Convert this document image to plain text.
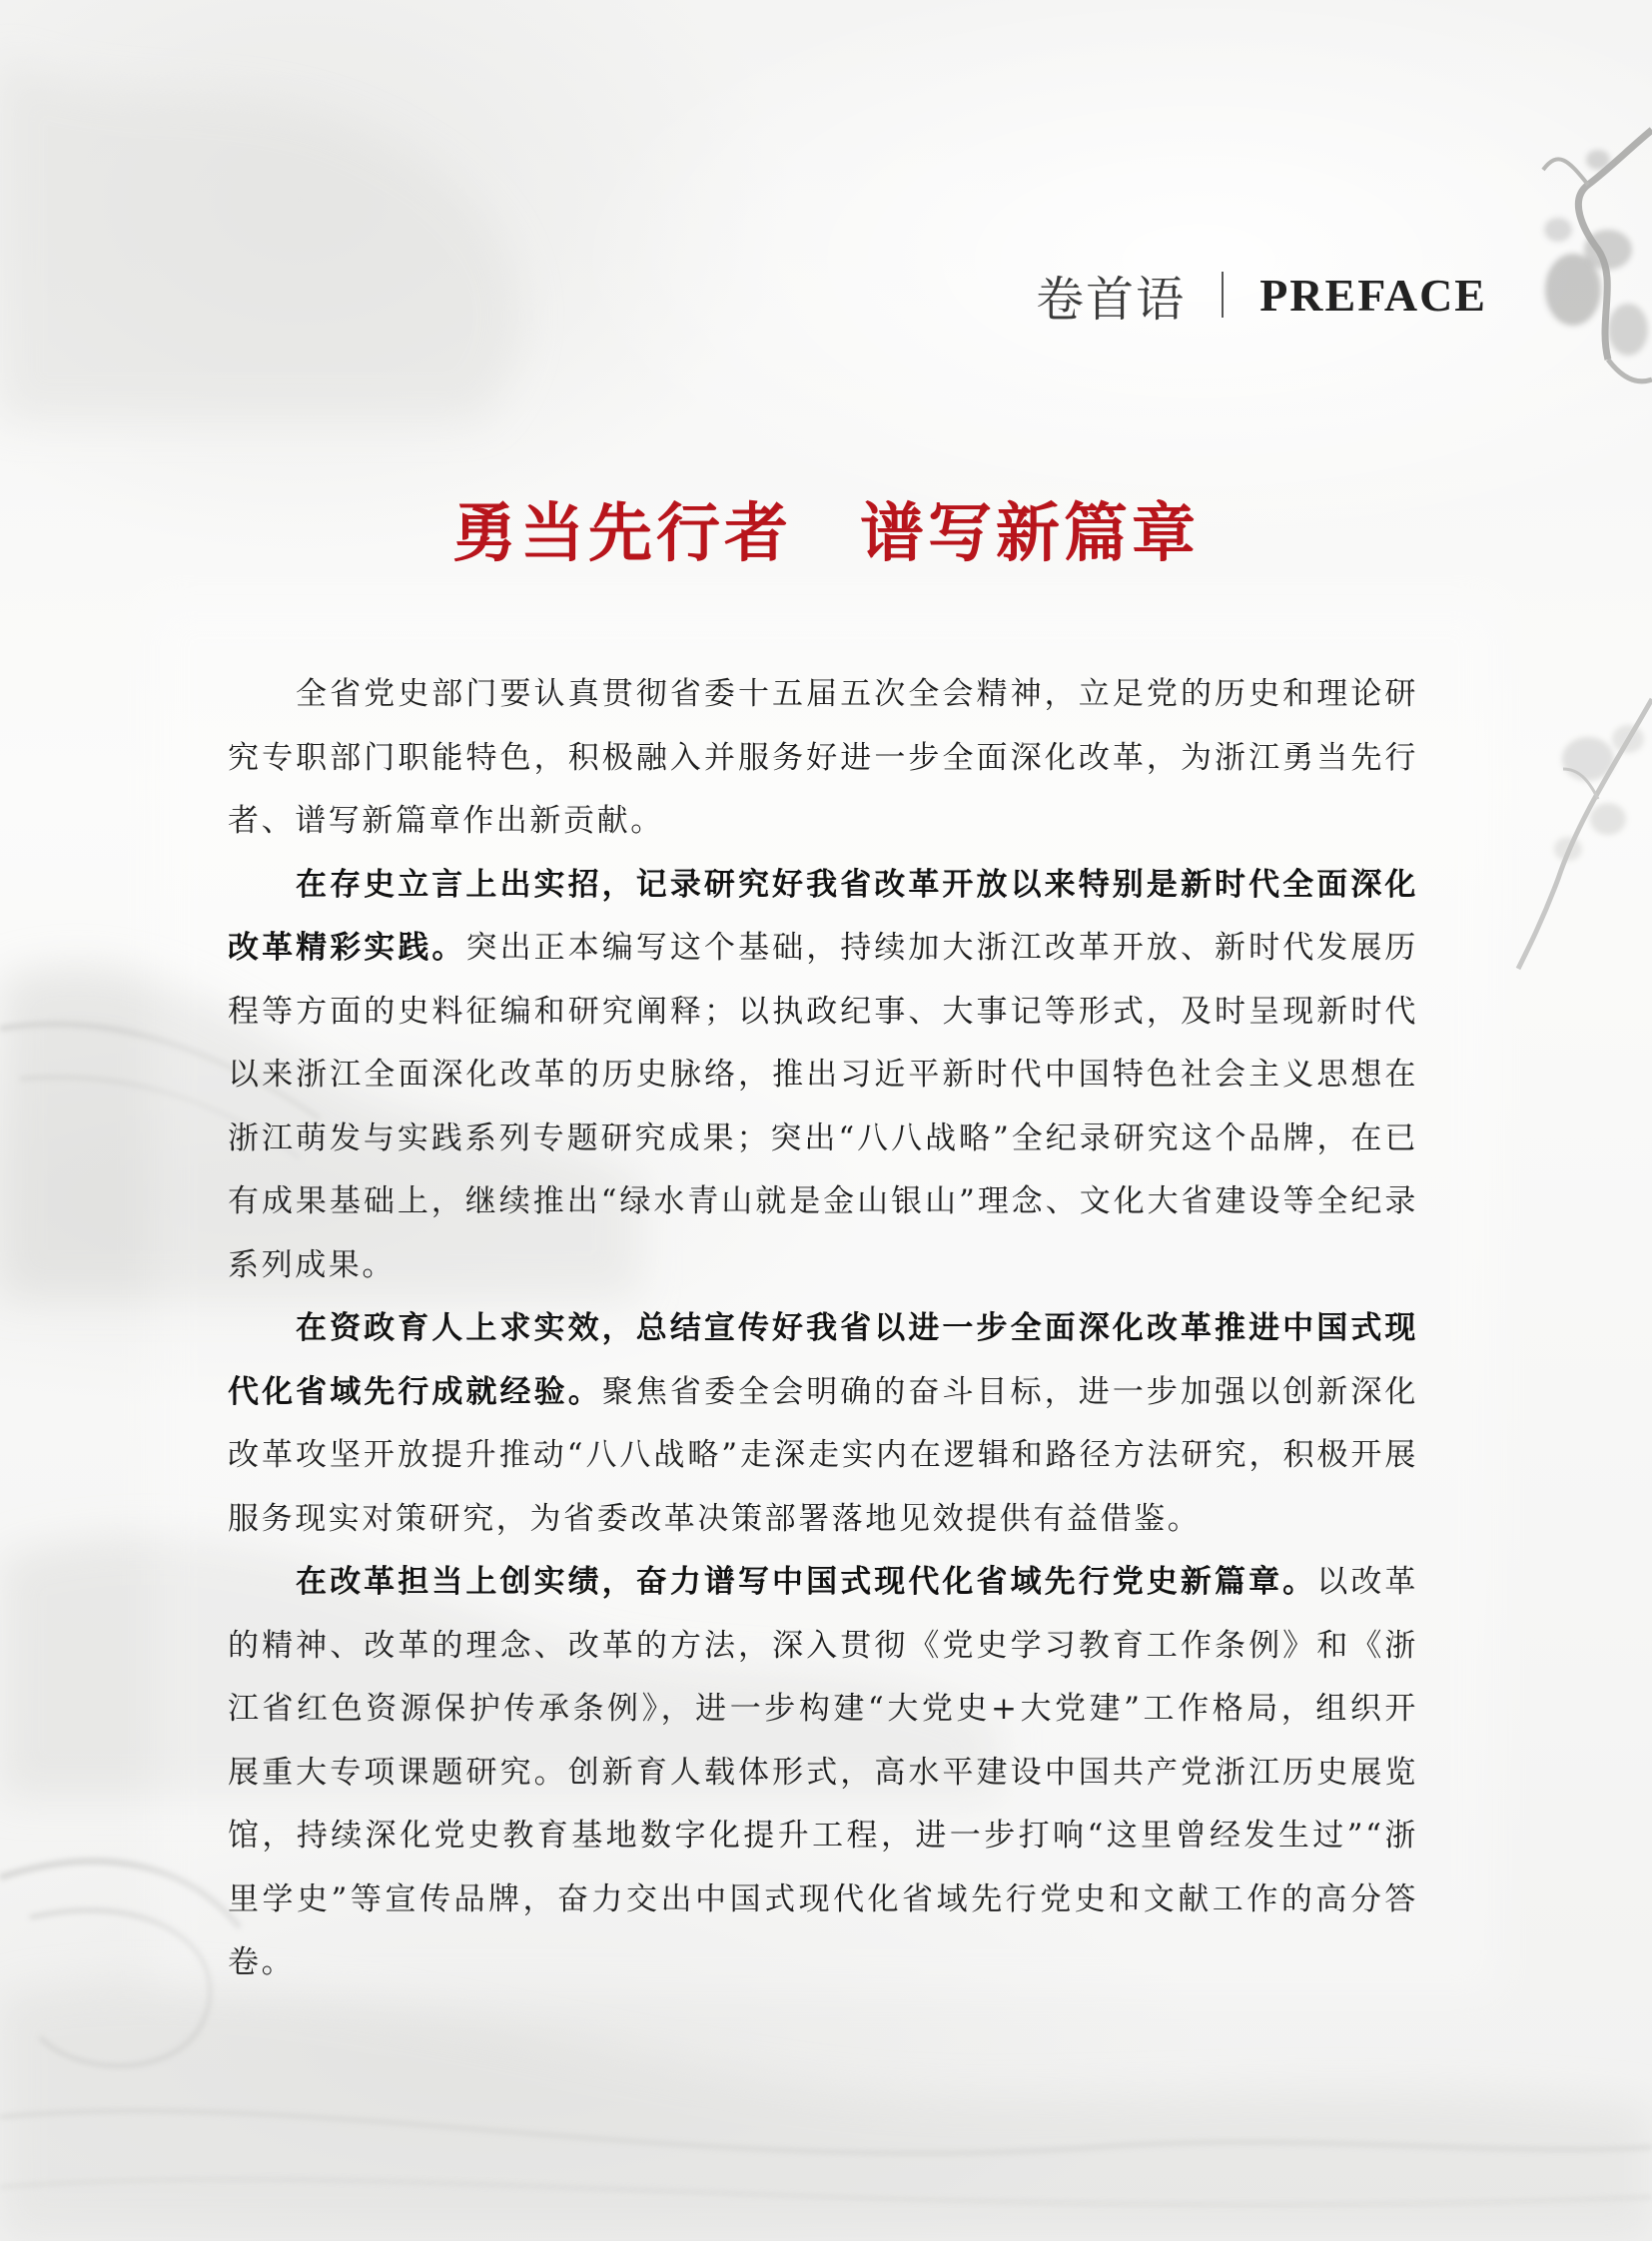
卷首语 PREFACE
勇当先行者　谱写新篇章

全省党史部门要认真贯彻省委十五届五次全会精神，立足党的历史和理论研究专职部门职能特色，积极融入并服务好进一步全面深化改革，为浙江勇当先行者、谱写新篇章作出新贡献。

在存史立言上出实招，记录研究好我省改革开放以来特别是新时代全面深化改革精彩实践。突出正本编写这个基础，持续加大浙江改革开放、新时代发展历程等方面的史料征编和研究阐释；以执政纪事、大事记等形式，及时呈现新时代以来浙江全面深化改革的历史脉络，推出习近平新时代中国特色社会主义思想在浙江萌发与实践系列专题研究成果；突出“八八战略”全纪录研究这个品牌，在已有成果基础上，继续推出“绿水青山就是金山银山”理念、文化大省建设等全纪录系列成果。

在资政育人上求实效，总结宣传好我省以进一步全面深化改革推进中国式现代化省域先行成就经验。聚焦省委全会明确的奋斗目标，进一步加强以创新深化改革攻坚开放提升推动“八八战略”走深走实内在逻辑和路径方法研究，积极开展服务现实对策研究，为省委改革决策部署落地见效提供有益借鉴。

在改革担当上创实绩，奋力谱写中国式现代化省域先行党史新篇章。以改革的精神、改革的理念、改革的方法，深入贯彻《党史学习教育工作条例》和《浙江省红色资源保护传承条例》，进一步构建“大党史+大党建”工作格局，组织开展重大专项课题研究。创新育人载体形式，高水平建设中国共产党浙江历史展览馆，持续深化党史教育基地数字化提升工程，进一步打响“这里曾经发生过”“浙里学史”等宣传品牌，奋力交出中国式现代化省域先行党史和文献工作的高分答卷。
